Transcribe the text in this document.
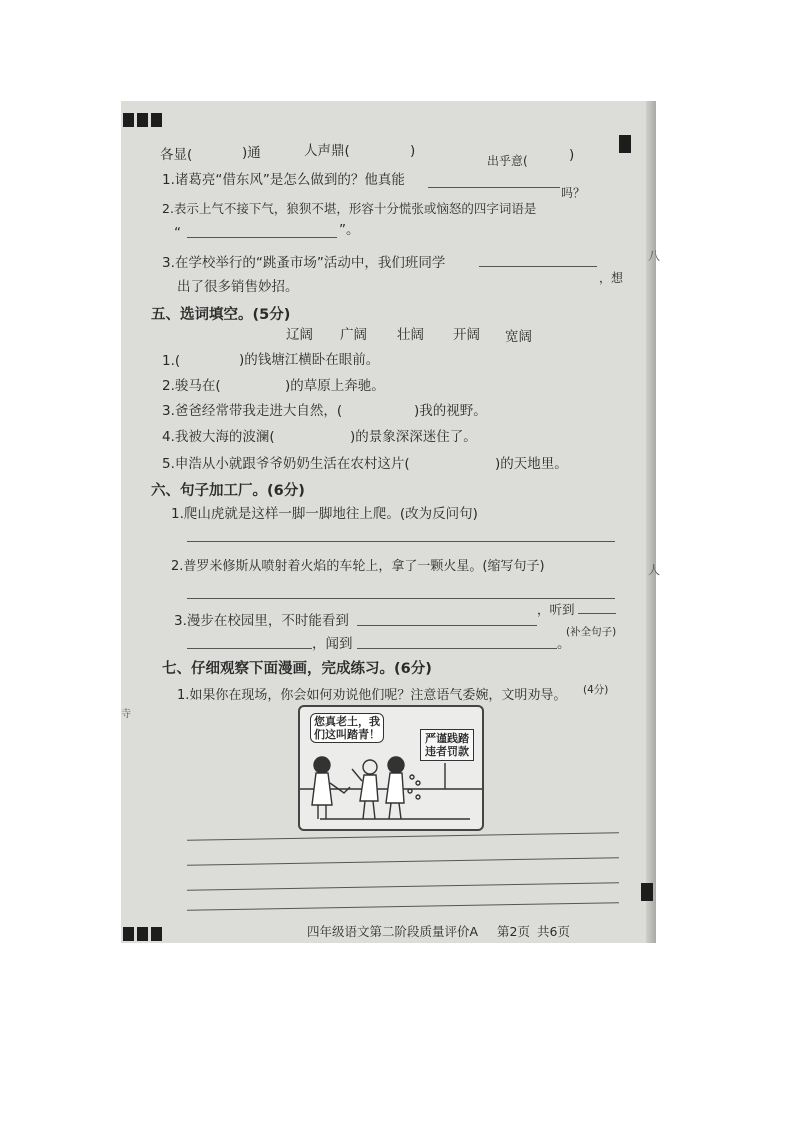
各显(	)通	人声鼎(	)
出乎意(	)
1.诸葛亮“借东风”是怎么做到的？他真能
吗？
2.表示上气不接下气，狼狈不堪，形容十分慌张或恼怒的四字词语是
“	”。
3.在学校举行的“跳蚤市场”活动中，我们班同学
，想
出了很多销售妙招。
五、选词填空。(5分)
辽阔 广阔 壮阔 开阔 宽阔
1.(	)的钱塘江横卧在眼前。
2.骏马在(	)的草原上奔驰。
3.爸爸经常带我走进大自然，(	)我的视野。
4.我被大海的波澜(	)的景象深深迷住了。
5.申浩从小就跟爷爷奶奶生活在农村这片(	)的天地里。
六、句子加工厂。(6分)
1.爬山虎就是这样一脚一脚地往上爬。(改为反问句)
2.普罗米修斯从喷射着火焰的车轮上，拿了一颗火星。(缩写句子)
3.漫步在校园里，不时能看到
，听到
，闻到	。
(补全句子)
七、仔细观察下面漫画，完成练习。(6分)
1.如果你在现场，你会如何劝说他们呢？注意语气委婉，文明劝导。 (4分)
您真老土，我
们这叫踏青！	严谨践踏
违者罚款
四年级语文第二阶段质量评价A 第2页 共6页
八
人
寺
